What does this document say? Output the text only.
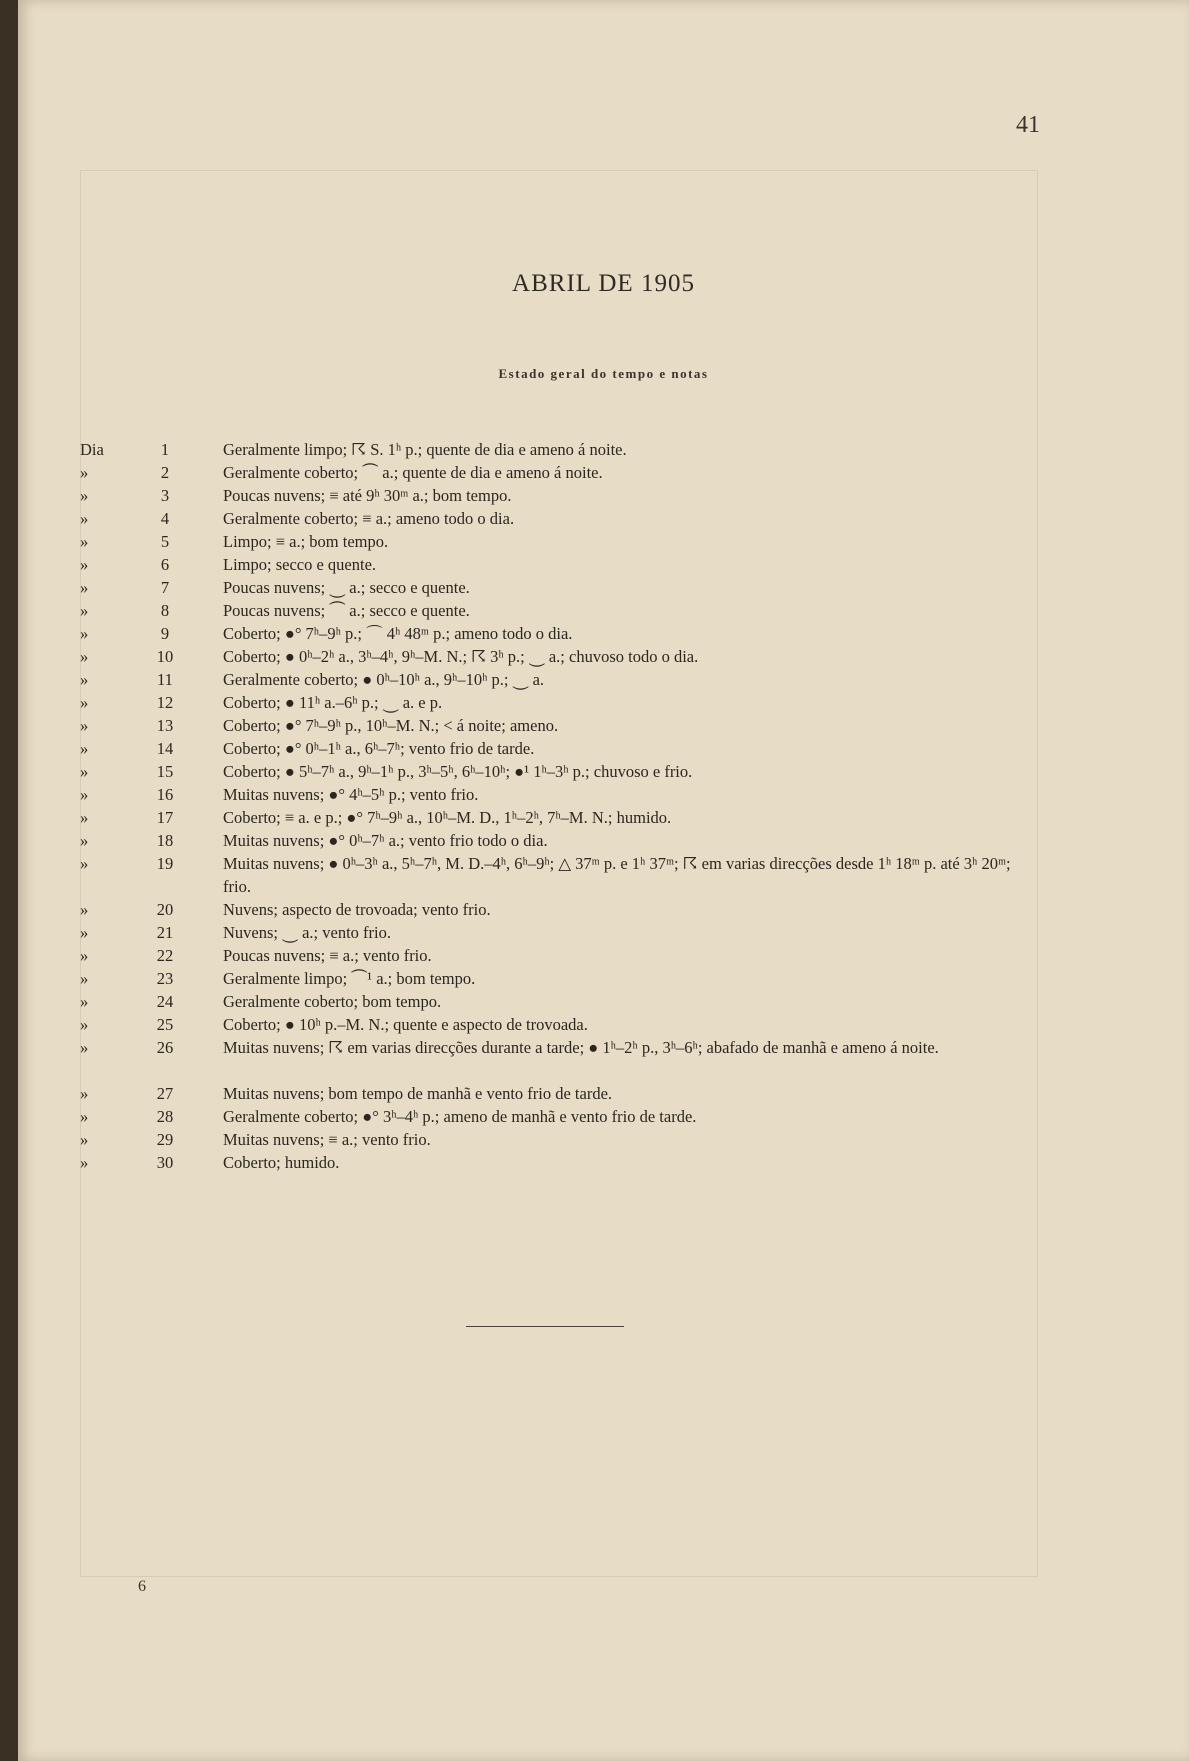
41
ABRIL DE 1905
Estado geral do tempo e notas
Dia	1	Geralmente limpo; ☈ S. 1ʰ p.; quente de dia e ameno á noite.
»	2	Geralmente coberto; ⏜ a.; quente de dia e ameno á noite.
»	3	Poucas nuvens; ≡ até 9ʰ 30ᵐ a.; bom tempo.
»	4	Geralmente coberto; ≡ a.; ameno todo o dia.
»	5	Limpo; ≡ a.; bom tempo.
»	6	Limpo; secco e quente.
»	7	Poucas nuvens; ⏝ a.; secco e quente.
»	8	Poucas nuvens; ⏜ a.; secco e quente.
»	9	Coberto; ●° 7ʰ–9ʰ p.; ⌒ 4ʰ 48ᵐ p.; ameno todo o dia.
»	10	Coberto; ● 0ʰ–2ʰ a., 3ʰ–4ʰ, 9ʰ–M. N.; ☈ 3ʰ p.; ⏝ a.; chuvoso todo o dia.
»	11	Geralmente coberto; ● 0ʰ–10ʰ a., 9ʰ–10ʰ p.; ⏝ a.
»	12	Coberto; ● 11ʰ a.–6ʰ p.; ⏝ a. e p.
»	13	Coberto; ●° 7ʰ–9ʰ p., 10ʰ–M. N.; < á noite; ameno.
»	14	Coberto; ●° 0ʰ–1ʰ a., 6ʰ–7ʰ; vento frio de tarde.
»	15	Coberto; ● 5ʰ–7ʰ a., 9ʰ–1ʰ p., 3ʰ–5ʰ, 6ʰ–10ʰ; ●¹ 1ʰ–3ʰ p.; chuvoso e frio.
»	16	Muitas nuvens; ●° 4ʰ–5ʰ p.; vento frio.
»	17	Coberto; ≡ a. e p.; ●° 7ʰ–9ʰ a., 10ʰ–M. D., 1ʰ–2ʰ, 7ʰ–M. N.; humido.
»	18	Muitas nuvens; ●° 0ʰ–7ʰ a.; vento frio todo o dia.
»	19	Muitas nuvens; ● 0ʰ–3ʰ a., 5ʰ–7ʰ, M. D.–4ʰ, 6ʰ–9ʰ; △ 37ᵐ p. e 1ʰ 37ᵐ; ☈ em varias direcções desde 1ʰ 18ᵐ p. até 3ʰ 20ᵐ; frio.
»	20	Nuvens; aspecto de trovoada; vento frio.
»	21	Nuvens; ⏝ a.; vento frio.
»	22	Poucas nuvens; ≡ a.; vento frio.
»	23	Geralmente limpo; ⏜¹ a.; bom tempo.
»	24	Geralmente coberto; bom tempo.
»	25	Coberto; ● 10ʰ p.–M. N.; quente e aspecto de trovoada.
»	26	Muitas nuvens; ☈ em varias direcções durante a tarde; ● 1ʰ–2ʰ p., 3ʰ–6ʰ; abafado de manhã e ameno á noite.
»	27	Muitas nuvens; bom tempo de manhã e vento frio de tarde.
»	28	Geralmente coberto; ●° 3ʰ–4ʰ p.; ameno de manhã e vento frio de tarde.
»	29	Muitas nuvens; ≡ a.; vento frio.
»	30	Coberto; humido.
6
